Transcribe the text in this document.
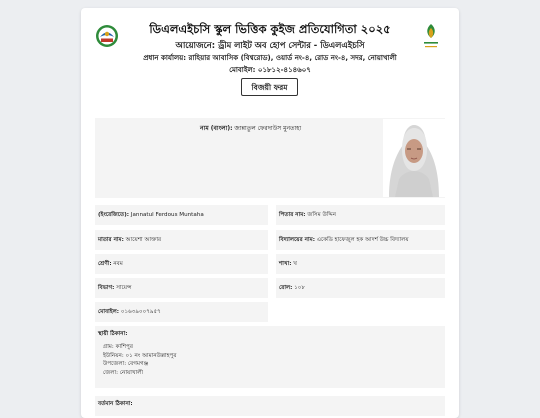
ডিএলএইচসি স্কুল ভিত্তিক কুইজ প্রতিযোগিতা ২০২৫
আয়োজনে: ড্রীম লাইট অব হোপ সেন্টার - ডিএলএইচসি
প্রধান কার্যালয়: রাহিয়ার আবাসিক (বিশ্বরোড), ওয়ার্ড নং-৪, রোড নং-৪, সদর, নোয়াখালী
মোবাইল: ০১৮১২-৪১৪৬০৭
বিজয়ী ফরম
নাম (বাংলা): জান্নাতুল ফেরদাউস মুনতাহা
(ইংরেজিতে): Jannatul Ferdous Muntaha	পিতার নাম: জসিম উদ্দিন
মাতার নাম: আয়েশা আক্তার	বিদ্যালয়ের নাম: একেডি হাফেজুল হক আদর্শ উচ্চ বিদ্যালয়
শ্রেণী: নবম	শাখা: খ
বিভাগ: সায়েন্স	রোল: ১০৮
মোবাইল: ০১৬৩৯০০৭৯৫৭
স্থায়ী ঠিকানা:
গ্রাম: কাশিপুর
ইউনিয়ন: ০১ নং আমানউল্লাহপুর
উপজেলা: বেগমগঞ্জ
জেলা: নোয়াখালী
বর্তমান ঠিকানা:
